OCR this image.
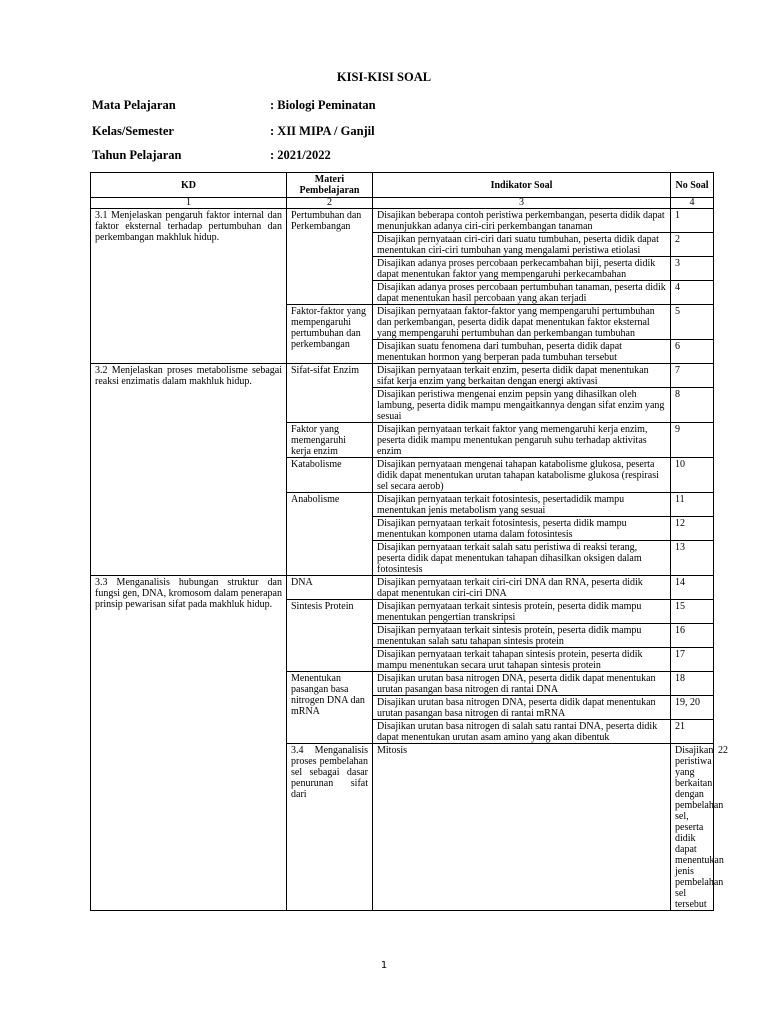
KISI-KISI SOAL
Mata Pelajaran	: Biologi Peminatan
Kelas/Semester	: XII MIPA / Ganjil
Tahun Pelajaran	: 2021/2022
KD	Materi Pembelajaran	Indikator Soal	No Soal	
1	2	3	4	
3.1 Menjelaskan pengaruh faktor internal dan faktor eksternal terhadap pertumbuhan dan perkembangan makhluk hidup.	Pertumbuhan dan Perkembangan	Disajikan beberapa contoh peristiwa perkembangan, peserta didik dapat menunjukkan adanya ciri-ciri perkembangan tanaman	1	
		Disajikan pernyataan ciri-ciri dari suatu tumbuhan, peserta didik dapat menentukan ciri-ciri tumbuhan yang mengalami peristiwa etiolasi	2	
		Disajikan adanya proses percobaan perkecambahan biji, peserta didik dapat menentukan faktor yang mempengaruhi perkecambahan	3	
		Disajikan adanya proses percobaan pertumbuhan tanaman, peserta didik dapat menentukan hasil percobaan yang akan terjadi	4	
	Faktor-faktor yang mempengaruhi pertumbuhan dan perkembangan	Disajikan pernyataan faktor-faktor yang mempengaruhi pertumbuhan dan perkembangan, peserta didik dapat menentukan faktor eksternal yang mempengaruhi pertumbuhan dan perkembangan tumbuhan	5	
		Disajikan suatu fenomena dari tumbuhan, peserta didik dapat menentukan hormon yang berperan pada tumbuhan tersebut	6	
3.2 Menjelaskan proses metabolisme sebagai reaksi enzimatis dalam makhluk hidup.	Sifat-sifat Enzim	Disajikan pernyataan terkait enzim, peserta didik dapat menentukan sifat kerja enzim yang berkaitan dengan energi aktivasi	7	
		Disajikan peristiwa mengenai enzim pepsin yang dihasilkan oleh lambung, peserta didik mampu mengaitkannya dengan sifat enzim yang sesuai	8	
	Faktor yang memengaruhi kerja enzim	Disajikan pernyataan terkait faktor yang memengaruhi kerja enzim, peserta didik mampu menentukan pengaruh suhu terhadap aktivitas enzim	9	
	Katabolisme	Disajikan pernyataan mengenai tahapan katabolisme glukosa, peserta didik dapat menentukan urutan tahapan katabolisme glukosa (respirasi sel secara aerob)	10	
	Anabolisme	Disajikan pernyataan terkait fotosintesis, pesertadidik mampu menentukan jenis metabolism yang sesuai	11	
		Disajikan pernyataan terkait fotosintesis, peserta didik mampu menentukan komponen utama dalam fotosintesis	12	
		Disajikan pernyataan terkait salah satu peristiwa di reaksi terang, peserta didik dapat menentukan tahapan dihasilkan oksigen dalam fotosintesis	13	
3.3 Menganalisis hubungan struktur dan fungsi gen, DNA, kromosom dalam penerapan prinsip pewarisan sifat pada makhluk hidup.	DNA	Disajikan pernyataan terkait ciri-ciri DNA dan RNA, peserta didik dapat menentukan ciri-ciri DNA	14	
	Sintesis Protein	Disajikan pernyataan terkait sintesis protein, peserta didik mampu menentukan pengertian transkripsi	15	
		Disajikan pernyataan terkait sintesis protein, peserta didik mampu menentukan salah satu tahapan sintesis protein	16	
		Disajikan pernyataan terkait tahapan sintesis protein, peserta didik mampu menentukan secara urut tahapan sintesis protein	17	
	Menentukan pasangan basa nitrogen DNA dan mRNA	Disajikan urutan basa nitrogen DNA, peserta didik dapat menentukan urutan pasangan basa nitrogen di rantai DNA	18	
		Disajikan urutan basa nitrogen DNA, peserta didik dapat menentukan urutan pasangan basa nitrogen di rantai mRNA	19, 20	
		Disajikan urutan basa nitrogen di salah satu rantai DNA, peserta didik dapat menentukan urutan asam amino yang akan dibentuk	21	
	3.4 Menganalisis proses pembelahan sel sebagai dasar penurunan sifat dari	Mitosis	Disajikan peristiwa yang berkaitan dengan pembelahan sel, peserta didik dapat menentukan jenis pembelahan sel tersebut	22
1
